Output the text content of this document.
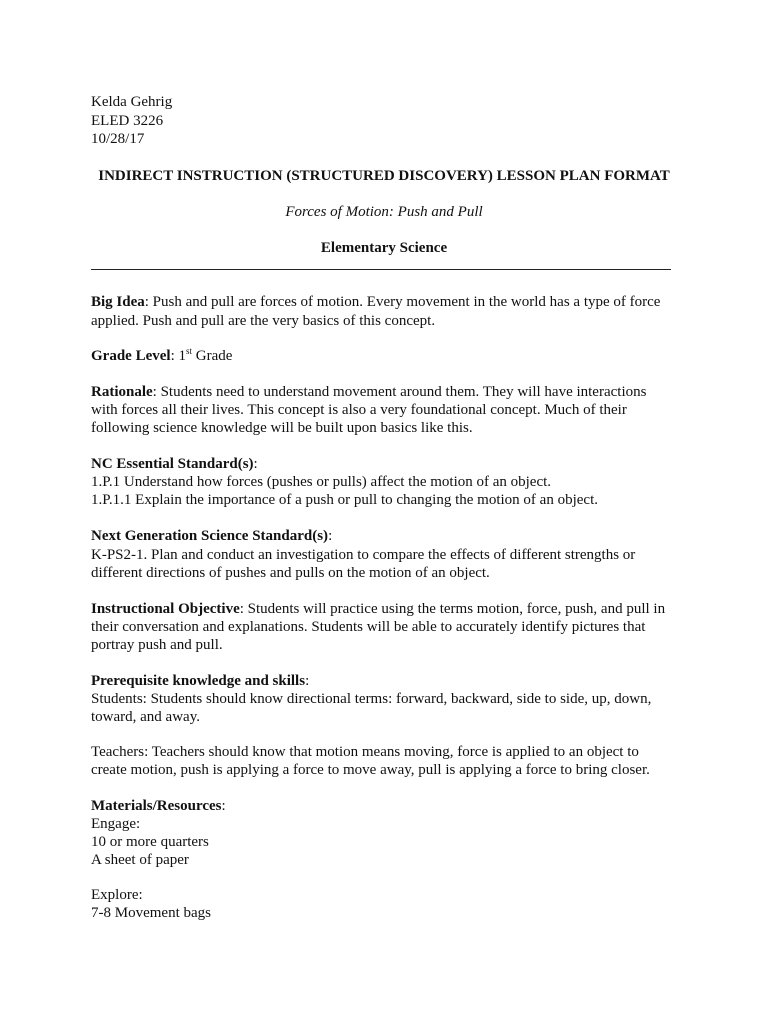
Kelda Gehrig
ELED 3226
10/28/17
INDIRECT INSTRUCTION (STRUCTURED DISCOVERY) LESSON PLAN FORMAT
Forces of Motion: Push and Pull
Elementary Science
Big Idea: Push and pull are forces of motion. Every movement in the world has a type of force
applied. Push and pull are the very basics of this concept.
Grade Level: 1st Grade
Rationale: Students need to understand movement around them. They will have interactions
with forces all their lives. This concept is also a very foundational concept. Much of their
following science knowledge will be built upon basics like this.
NC Essential Standard(s):
1.P.1 Understand how forces (pushes or pulls) affect the motion of an object.
1.P.1.1 Explain the importance of a push or pull to changing the motion of an object.
Next Generation Science Standard(s):
K-PS2-1. Plan and conduct an investigation to compare the effects of different strengths or
different directions of pushes and pulls on the motion of an object.
Instructional Objective: Students will practice using the terms motion, force, push, and pull in
their conversation and explanations. Students will be able to accurately identify pictures that
portray push and pull.
Prerequisite knowledge and skills:
Students: Students should know directional terms: forward, backward, side to side, up, down,
toward, and away.
Teachers: Teachers should know that motion means moving, force is applied to an object to
create motion, push is applying a force to move away, pull is applying a force to bring closer.
Materials/Resources:
Engage:
10 or more quarters
A sheet of paper
Explore:
7-8 Movement bags
